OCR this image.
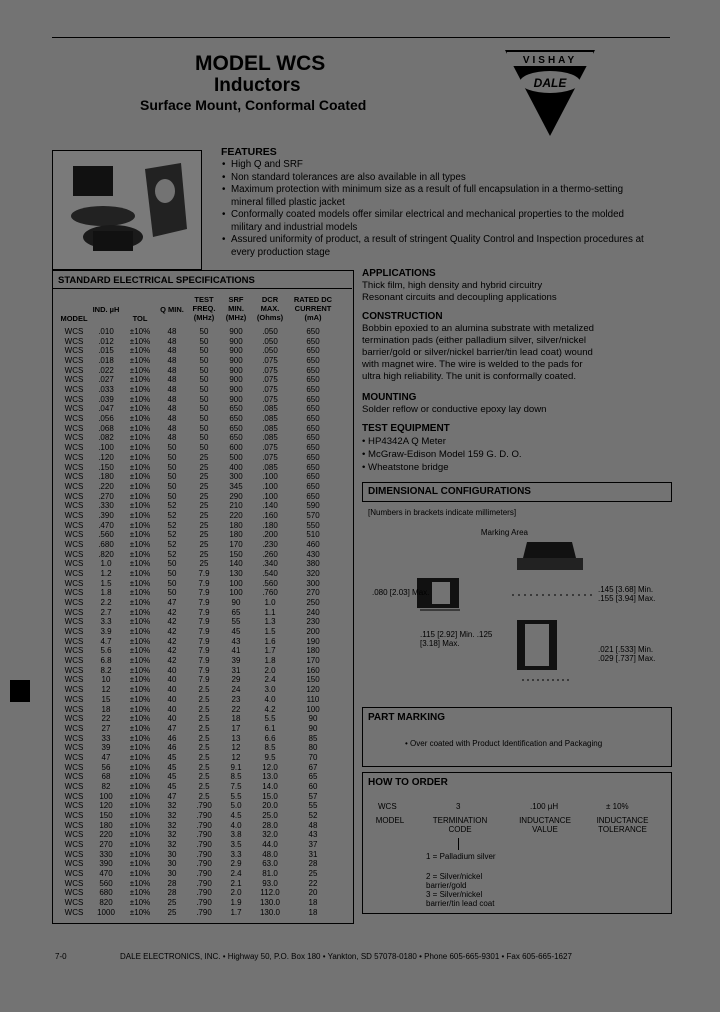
MODEL WCS
Inductors
Surface Mount, Conformal Coated
VISHAY
DALE
FEATURES
• High Q and SRF
• Non standard tolerances are also available in all types
• Maximum protection with minimum size as a result of full encapsulation in a thermo-setting mineral filled plastic jacket
• Conformally coated models offer similar electrical and mechanical properties to the molded military and industrial models
• Assured uniformity of product, a result of stringent Quality Control and Inspection procedures at every production stage
STANDARD ELECTRICAL SPECIFICATIONS
MODEL
IND. µH
TOL
Q MIN.
TEST FREQ. (MHz)
SRF MIN. (MHz)
DCR MAX. (Ohms)
RATED DC CURRENT (mA)
WCS	.010	±10%	48	50	900	.050	650
WCS	.012	±10%	48	50	900	.050	650
WCS	.015	±10%	48	50	900	.050	650
WCS	.018	±10%	48	50	900	.075	650
WCS	.022	±10%	48	50	900	.075	650
WCS	.027	±10%	48	50	900	.075	650
WCS	.033	±10%	48	50	900	.075	650
WCS	.039	±10%	48	50	900	.075	650
WCS	.047	±10%	48	50	650	.085	650
WCS	.056	±10%	48	50	650	.085	650
WCS	.068	±10%	48	50	650	.085	650
WCS	.082	±10%	48	50	650	.085	650
WCS	.100	±10%	50	50	600	.075	650
WCS	.120	±10%	50	25	500	.075	650
WCS	.150	±10%	50	25	400	.085	650
WCS	.180	±10%	50	25	300	.100	650
WCS	.220	±10%	50	25	345	.100	650
WCS	.270	±10%	50	25	290	.100	650
WCS	.330	±10%	52	25	210	.140	590
WCS	.390	±10%	52	25	220	.160	570
WCS	.470	±10%	52	25	180	.180	550
WCS	.560	±10%	52	25	180	.200	510
WCS	.680	±10%	52	25	170	.230	460
WCS	.820	±10%	52	25	150	.260	430
WCS	1.0	±10%	50	25	140	.340	380
WCS	1.2	±10%	50	7.9	130	.540	320
WCS	1.5	±10%	50	7.9	100	.560	300
WCS	1.8	±10%	50	7.9	100	.760	270
WCS	2.2	±10%	47	7.9	90	1.0	250
WCS	2.7	±10%	42	7.9	65	1.1	240
WCS	3.3	±10%	42	7.9	55	1.3	230
WCS	3.9	±10%	42	7.9	45	1.5	200
WCS	4.7	±10%	42	7.9	43	1.6	190
WCS	5.6	±10%	42	7.9	41	1.7	180
WCS	6.8	±10%	42	7.9	39	1.8	170
WCS	8.2	±10%	40	7.9	31	2.0	160
WCS	10	±10%	40	7.9	29	2.4	150
WCS	12	±10%	40	2.5	24	3.0	120
WCS	15	±10%	40	2.5	23	4.0	110
WCS	18	±10%	40	2.5	22	4.2	100
WCS	22	±10%	40	2.5	18	5.5	90
WCS	27	±10%	47	2.5	17	6.1	90
WCS	33	±10%	46	2.5	13	6.6	85
WCS	39	±10%	46	2.5	12	8.5	80
WCS	47	±10%	45	2.5	12	9.5	70
WCS	56	±10%	45	2.5	9.1	12.0	67
WCS	68	±10%	45	2.5	8.5	13.0	65
WCS	82	±10%	45	2.5	7.5	14.0	60
WCS	100	±10%	47	2.5	5.5	15.0	57
WCS	120	±10%	32	.790	5.0	20.0	55
WCS	150	±10%	32	.790	4.5	25.0	52
WCS	180	±10%	32	.790	4.0	28.0	48
WCS	220	±10%	32	.790	3.8	32.0	43
WCS	270	±10%	32	.790	3.5	44.0	37
WCS	330	±10%	30	.790	3.3	48.0	31
WCS	390	±10%	30	.790	2.9	63.0	28
WCS	470	±10%	30	.790	2.4	81.0	25
WCS	560	±10%	28	.790	2.1	93.0	22
WCS	680	±10%	28	.790	2.0	112.0	20
WCS	820	±10%	25	.790	1.9	130.0	18
WCS	1000	±10%	25	.790	1.7	130.0	18
APPLICATIONS
Thick film, high density and hybrid circuitry
Resonant circuits and decoupling applications
CONSTRUCTION
Bobbin epoxied to an alumina substrate with metalized
termination pads (either palladium silver, silver/nickel
barrier/gold or silver/nickel barrier/tin lead coat) wound
with magnet wire. The wire is welded to the pads for
ultra high reliability. The unit is conformally coated.
MOUNTING
Solder reflow or conductive epoxy lay down
TEST EQUIPMENT
• HP4342A Q Meter
• McGraw-Edison Model 159 G. D. O.
• Wheatstone bridge
DIMENSIONAL CONFIGURATIONS
[Numbers in brackets indicate millimeters]
Marking Area
.080 [2.03] Max.
.115 [2.92] Min. .125 [3.18] Max.
.145 [3.68] Min. .155 [3.94] Max.
.021 [.533] Min. .029 [.737] Max.
PART MARKING
• Over coated with Product Identification and Packaging
HOW TO ORDER
WCS	3	.100 µH	± 10%
MODEL	TERMINATION CODE
INDUCTANCE VALUE
INDUCTANCE TOLERANCE
1 = Palladium silver
2 = Silver/nickel barrier/gold
3 = Silver/nickel barrier/tin lead coat
7-0	DALE ELECTRONICS, INC. • Highway 50, P.O. Box 180 • Yankton, SD 57078-0180 • Phone 605-665-9301 • Fax 605-665-1627
